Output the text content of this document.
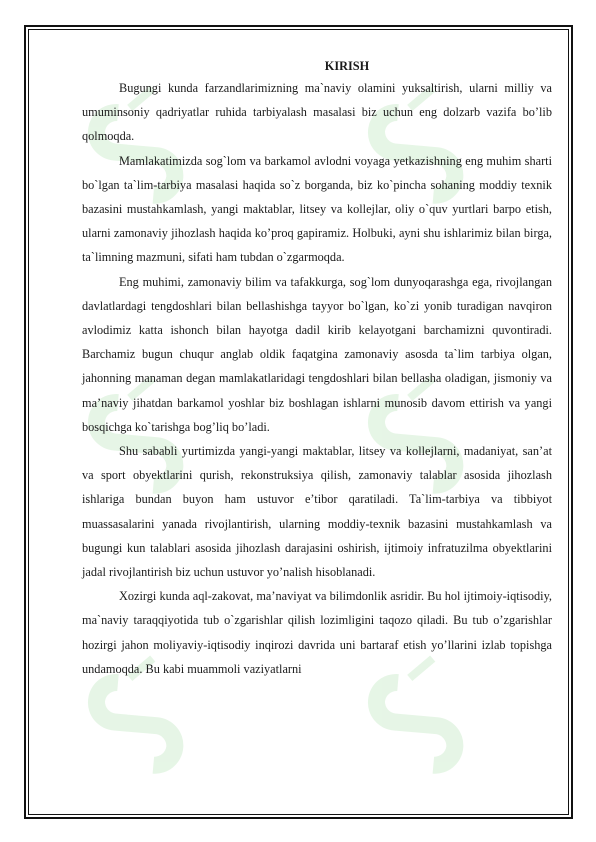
KIRISH

Bugungi kunda farzandlarimizning ma`naviy olamini yuksaltirish, ularni milliy va umuminsoniy qadriyatlar ruhida tarbiyalash masalasi biz uchun eng dolzarb vazifa bo’lib qolmoqda.

Mamlakatimizda sog`lom va barkamol avlodni voyaga yetkazishning eng muhim sharti bo`lgan ta`lim-tarbiya masalasi haqida so`z borganda, biz ko`pincha sohaning moddiy texnik bazasini mustahkamlash, yangi maktablar, litsey va kollejlar, oliy o`quv yurtlari barpo etish, ularni zamonaviy jihozlash haqida ko’proq gapiramiz. Holbuki, ayni shu ishlarimiz bilan birga, ta`limning mazmuni, sifati ham tubdan o`zgarmoqda.

Eng muhimi, zamonaviy bilim va tafakkurga, sog`lom dunyoqarashga ega, rivojlangan davlatlardagi tengdoshlari bilan bellashishga tayyor bo`lgan, ko`zi yonib turadigan navqiron avlodimiz katta ishonch bilan hayotga dadil kirib kelayotgani barchamizni quvontiradi. Barchamiz bugun chuqur anglab oldik faqatgina zamonaviy asosda ta`lim tarbiya olgan, jahonning manaman degan mamlakatlaridagi tengdoshlari bilan bellasha oladigan, jismoniy va ma’naviy jihatdan barkamol yoshlar biz boshlagan ishlarni munosib davom ettirish va yangi bosqichga ko`tarishga bog’liq bo’ladi.

Shu sababli yurtimizda yangi-yangi maktablar, litsey va kollejlarni, madaniyat, san’at va sport obyektlarini qurish, rekonstruksiya qilish, zamonaviy talablar asosida jihozlash ishlariga bundan buyon ham ustuvor e’tibor qaratiladi. Ta`lim-tarbiya va tibbiyot muassasalarini yanada rivojlantirish, ularning moddiy-texnik bazasini mustahkamlash va bugungi kun talablari asosida jihozlash darajasini oshirish, ijtimoiy infratuzilma obyektlarini jadal rivojlantirish biz uchun ustuvor yo’nalish hisoblanadi.

Xozirgi kunda aql-zakovat, ma’naviyat va bilimdonlik asridir. Bu hol ijtimoiy-iqtisodiy, ma`naviy taraqqiyotida tub o`zgarishlar qilish lozimligini taqozo qiladi. Bu tub o’zgarishlar hozirgi jahon moliyaviy-iqtisodiy inqirozi davrida uni bartaraf etish yo’llarini izlab topishga undamoqda. Bu kabi muammoli vaziyatlarni
